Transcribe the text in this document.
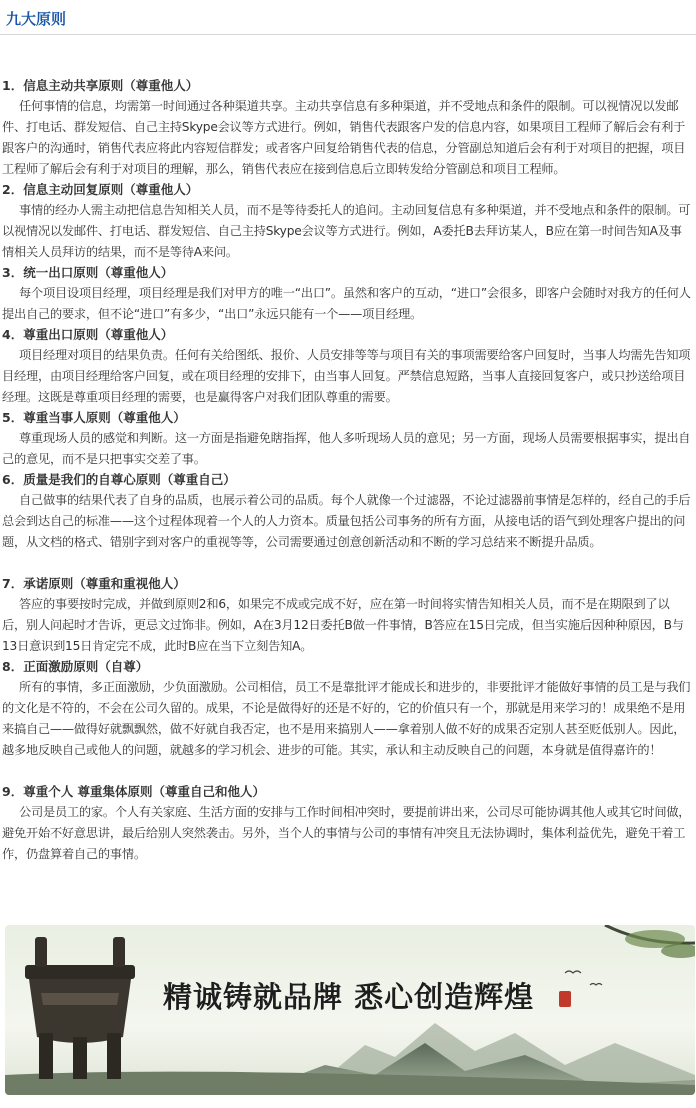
九大原则
1．信息主动共享原则（尊重他人）
任何事情的信息，均需第一时间通过各种渠道共享。主动共享信息有多种渠道，并不受地点和条件的限制。可以视情况以发邮件、打电话、群发短信、自己主持Skype会议等方式进行。例如，销售代表跟客户发的信息内容，如果项目工程师了解后会有利于跟客户的沟通时，销售代表应将此内容短信群发；或者客户回复给销售代表的信息，分管副总知道后会有利于对项目的把握，项目工程师了解后会有利于对项目的理解，那么，销售代表应在接到信息后立即转发给分管副总和项目工程师。
2．信息主动回复原则（尊重他人）
事情的经办人需主动把信息告知相关人员，而不是等待委托人的追问。主动回复信息有多种渠道，并不受地点和条件的限制。可以视情况以发邮件、打电话、群发短信、自己主持Skype会议等方式进行。例如，A委托B去拜访某人，B应在第一时间告知A及事情相关人员拜访的结果，而不是等待A来问。
3．统一出口原则（尊重他人）
每个项目设项目经理，项目经理是我们对甲方的唯一“出口”。虽然和客户的互动，“进口”会很多，即客户会随时对我方的任何人提出自己的要求，但不论“进口”有多少，“出口”永远只能有一个——项目经理。
4．尊重出口原则（尊重他人）
项目经理对项目的结果负责。任何有关给图纸、报价、人员安排等等与项目有关的事项需要给客户回复时，当事人均需先告知项目经理，由项目经理给客户回复，或在项目经理的安排下，由当事人回复。严禁信息短路，当事人直接回复客户，或只抄送给项目经理。这既是尊重项目经理的需要，也是赢得客户对我们团队尊重的需要。
5．尊重当事人原则（尊重他人）
尊重现场人员的感觉和判断。这一方面是指避免瞎指挥，他人多听现场人员的意见；另一方面，现场人员需要根据事实，提出自己的意见，而不是只把事实交差了事。
6．质量是我们的自尊心原则（尊重自己）
自己做事的结果代表了自身的品质，也展示着公司的品质。每个人就像一个过滤器，不论过滤器前事情是怎样的，经自己的手后总会到达自己的标准——这个过程体现着一个人的人力资本。质量包括公司事务的所有方面，从接电话的语气到处理客户提出的问题，从文档的格式、错别字到对客户的重视等等，公司需要通过创意创新活动和不断的学习总结来不断提升品质。
7．承诺原则（尊重和重视他人）
答应的事要按时完成，并做到原则2和6，如果完不成或完成不好，应在第一时间将实情告知相关人员，而不是在期限到了以后，别人问起时才告诉，更忌文过饰非。例如，A在3月12日委托B做一件事情，B答应在15日完成，但当实施后因种种原因，B与13日意识到15日肯定完不成，此时B应在当下立刻告知A。
8．正面激励原则（自尊）
所有的事情，多正面激励，少负面激励。公司相信，员工不是靠批评才能成长和进步的，非要批评才能做好事情的员工是与我们的文化是不符的，不会在公司久留的。成果，不论是做得好的还是不好的，它的价值只有一个，那就是用来学习的！成果绝不是用来搞自己——做得好就飘飘然，做不好就自我否定，也不是用来搞别人——拿着别人做不好的成果否定别人甚至贬低别人。因此，越多地反映自己或他人的问题，就越多的学习机会、进步的可能。其实，承认和主动反映自己的问题，本身就是值得嘉许的！
9．尊重个人 尊重集体原则（尊重自己和他人）
公司是员工的家。个人有关家庭、生活方面的安排与工作时间相冲突时，要提前讲出来，公司尽可能协调其他人或其它时间做，避免开始不好意思讲，最后给别人突然袭击。另外，当个人的事情与公司的事情有冲突且无法协调时，集体利益优先，避免干着工作，仍盘算着自己的事情。
精诚铸就品牌 悉心创造辉煌
